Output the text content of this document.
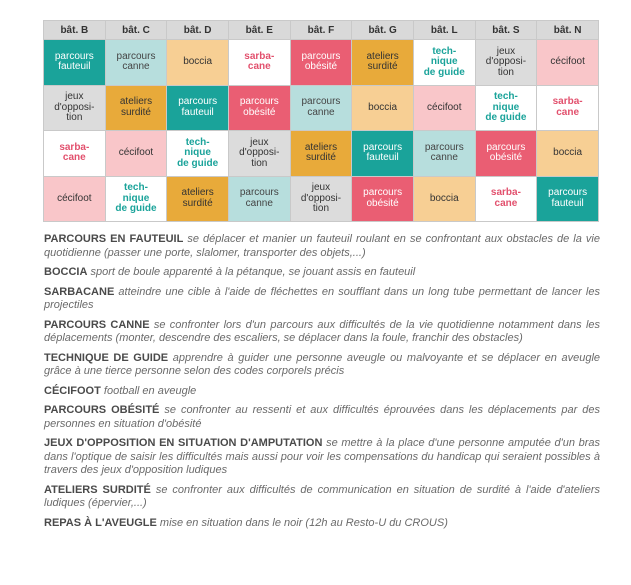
bât. B	bât. C	bât. D	bât. E	bât. F	bât. G	bât. L	bât. S	bât. N

parcours
fauteuil	parcours
canne	boccia	sarba-
cane	parcours
obésité	ateliers
surdité	tech-
nique
de guide	jeux
d'opposi-
tion	cécifoot

jeux
d'opposi-
tion	ateliers
surdité	parcours
fauteuil	parcours
obésité	parcours
canne	boccia	cécifoot	tech-
nique
de guide	sarba-
cane

sarba-
cane	cécifoot	tech-
nique
de guide	jeux
d'opposi-
tion	ateliers
surdité	parcours
fauteuil	parcours
canne	parcours
obésité	boccia

cécifoot	tech-
nique
de guide	ateliers
surdité	parcours
canne	jeux
d'opposi-
tion	parcours
obésité	boccia	sarba-
cane	parcours
fauteuil

PARCOURS EN FAUTEUIL se déplacer et manier un fauteuil roulant en se confrontant aux obstacles de la vie quotidienne (passer une porte, slalomer, transporter des objets,...)

BOCCIA sport de boule apparenté à la pétanque, se jouant assis en fauteuil

SARBACANE atteindre une cible à l'aide de fléchettes en soufflant dans un long tube permettant de lancer les projectiles

PARCOURS CANNE se confronter lors d'un parcours aux difficultés de la vie quotidienne notamment dans les déplacements (monter, descendre des escaliers, se déplacer dans la foule, franchir des obstacles)

TECHNIQUE DE GUIDE apprendre à guider une personne aveugle ou malvoyante et se déplacer en aveugle grâce à une tierce personne selon des codes corporels précis

CÉCIFOOT football en aveugle

PARCOURS OBÉSITÉ se confronter au ressenti et aux difficultés éprouvées dans les déplacements par des personnes en situation d'obésité

JEUX D'OPPOSITION EN SITUATION D'AMPUTATION se mettre à la place d'une personne amputée d'un bras dans l'optique de saisir les difficultés mais aussi pour voir les compensations du handicap qui seraient possibles à travers des jeux d'opposition ludiques

ATELIERS SURDITÉ se confronter aux difficultés de communication en situation de surdité à l'aide d'ateliers ludiques (épervier,...)

REPAS À L'AVEUGLE mise en situation dans le noir (12h au Resto-U du CROUS)
